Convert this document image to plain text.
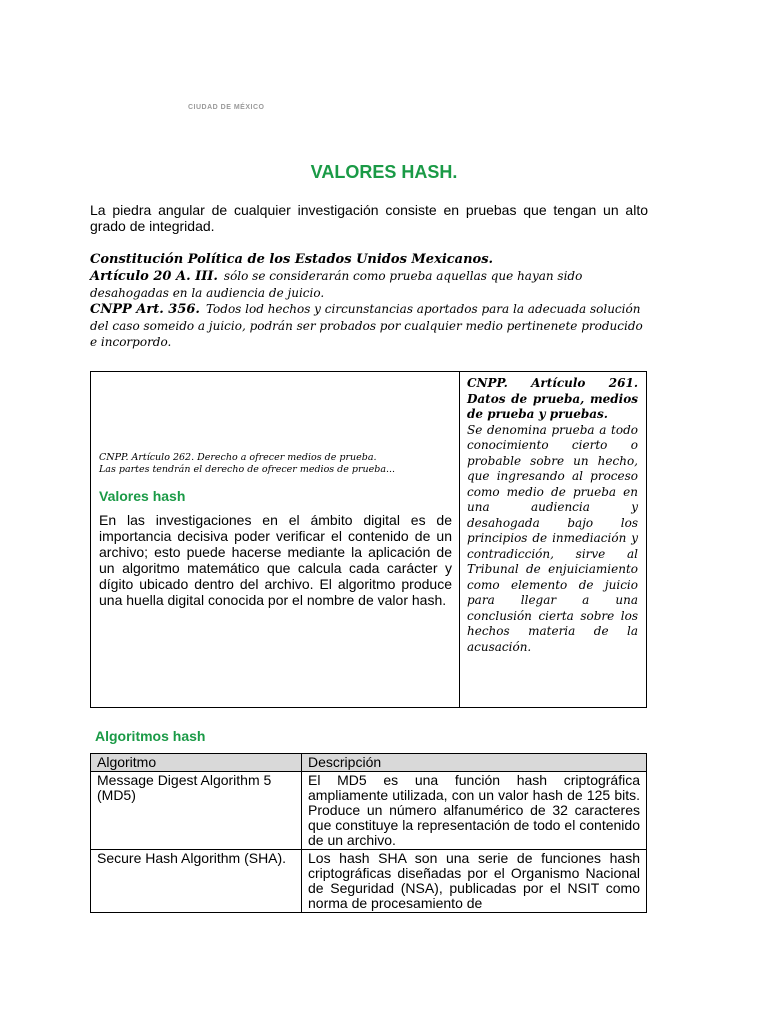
CIUDAD DE MÉXICO
VALORES HASH.
La piedra angular de cualquier investigación consiste en pruebas que tengan un alto grado de integridad.
Constitución Política de los Estados Unidos Mexicanos.
Artículo 20 A. III. sólo se considerarán como prueba aquellas que hayan sido desahogadas en la audiencia de juicio.
CNPP Art. 356. Todos lod hechos y circunstancias aportados para la adecuada solución del caso someido a juicio, podrán ser probados por cualquier medio pertinenete producido e incorpordo.
CNPP. Artículo 262. Derecho a ofrecer medios de prueba.
Las partes tendrán el derecho de ofrecer medios de prueba...
Valores hash
En las investigaciones en el ámbito digital es de importancia decisiva poder verificar el contenido de un archivo; esto puede hacerse mediante la aplicación de un algoritmo matemático que calcula cada carácter y dígito ubicado dentro del archivo. El algoritmo produce una huella digital conocida por el nombre de valor hash.
CNPP. Artículo 261. Datos de prueba, medios de prueba y pruebas.
Se denomina prueba a todo conocimiento cierto o probable sobre un hecho, que ingresando al proceso como medio de prueba en una audiencia y desahogada bajo los principios de inmediación y contradicción, sirve al Tribunal de enjuiciamiento como elemento de juicio para llegar a una conclusión cierta sobre los hechos materia de la acusación.
Algoritmos hash
Algoritmo	Descripción
Message Digest Algorithm 5 (MD5)	El MD5 es una función hash criptográfica ampliamente utilizada, con un valor hash de 125 bits. Produce un número alfanumérico de 32 caracteres que constituye la representación de todo el contenido de un archivo.
Secure Hash Algorithm (SHA).	Los hash SHA son una serie de funciones hash criptográficas diseñadas por el Organismo Nacional de Seguridad (NSA), publicadas por el NSIT como norma de procesamiento de
